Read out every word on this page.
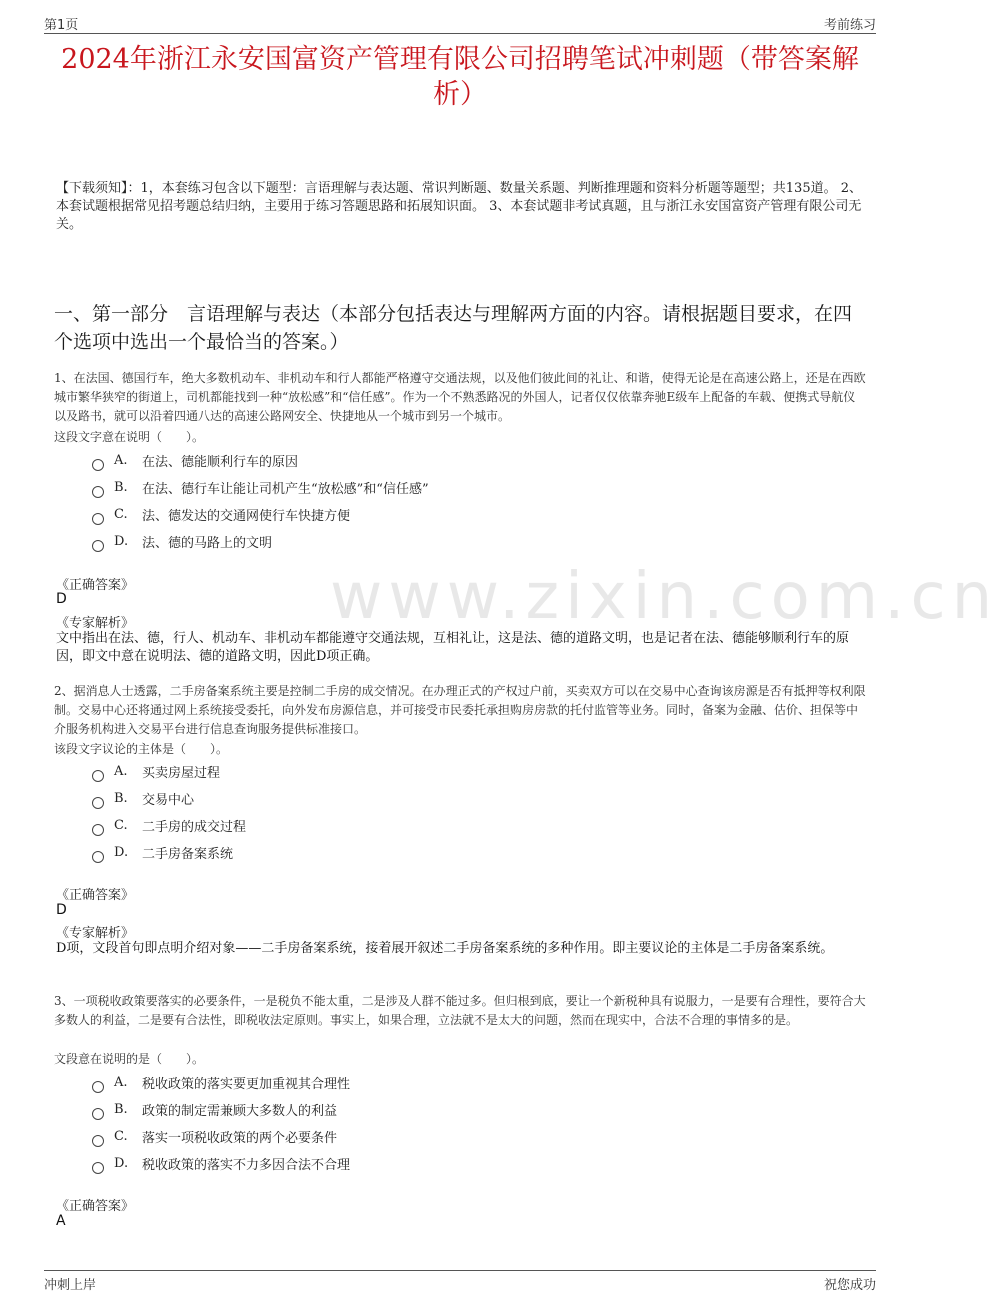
第1页	考前练习
www.zixin.com.cn
2024年浙江永安国富资产管理有限公司招聘笔试冲刺题（带答案解析）
【下载须知】：1，本套练习包含以下题型：言语理解与表达题、常识判断题、数量关系题、判断推理题和资料分析题等题型；共135道。 2、本套试题根据常见招考题总结归纳，主要用于练习答题思路和拓展知识面。 3、本套试题非考试真题，且与浙江永安国富资产管理有限公司无关。
一、第一部分　言语理解与表达（本部分包括表达与理解两方面的内容。请根据题目要求，在四个选项中选出一个最恰当的答案。）
1、在法国、德国行车，绝大多数机动车、非机动车和行人都能严格遵守交通法规，以及他们彼此间的礼让、和谐，使得无论是在高速公路上，还是在西欧城市繁华狭窄的街道上，司机都能找到一种“放松感”和“信任感”。作为一个不熟悉路况的外国人，记者仅仅依靠奔驰E级车上配备的车载、便携式导航仪以及路书，就可以沿着四通八达的高速公路网安全、快捷地从一个城市到另一个城市。
这段文字意在说明（　　）。
A.	在法、德能顺利行车的原因
B.	在法、德行车让能让司机产生“放松感”和“信任感”
C.	法、德发达的交通网使行车快捷方便
D.	法、德的马路上的文明
《正确答案》
D
《专家解析》
文中指出在法、德，行人、机动车、非机动车都能遵守交通法规，互相礼让，这是法、德的道路文明，也是记者在法、德能够顺利行车的原因，即文中意在说明法、德的道路文明，因此D项正确。
2、据消息人士透露，二手房备案系统主要是控制二手房的成交情况。在办理正式的产权过户前，买卖双方可以在交易中心查询该房源是否有抵押等权利限制。交易中心还将通过网上系统接受委托，向外发布房源信息，并可接受市民委托承担购房房款的托付监管等业务。同时，备案为金融、估价、担保等中介服务机构进入交易平台进行信息查询服务提供标准接口。
该段文字议论的主体是（　　）。
A.	买卖房屋过程
B.	交易中心
C.	二手房的成交过程
D.	二手房备案系统
《正确答案》
D
《专家解析》
D项，文段首句即点明介绍对象——二手房备案系统，接着展开叙述二手房备案系统的多种作用。即主要议论的主体是二手房备案系统。
3、一项税收政策要落实的必要条件，一是税负不能太重，二是涉及人群不能过多。但归根到底，要让一个新税种具有说服力，一是要有合理性，要符合大多数人的利益，二是要有合法性，即税收法定原则。事实上，如果合理，立法就不是太大的问题，然而在现实中，合法不合理的事情多的是。
文段意在说明的是（　　）。
A.	税收政策的落实要更加重视其合理性
B.	政策的制定需兼顾大多数人的利益
C.	落实一项税收政策的两个必要条件
D.	税收政策的落实不力多因合法不合理
《正确答案》
A
冲刺上岸	祝您成功
